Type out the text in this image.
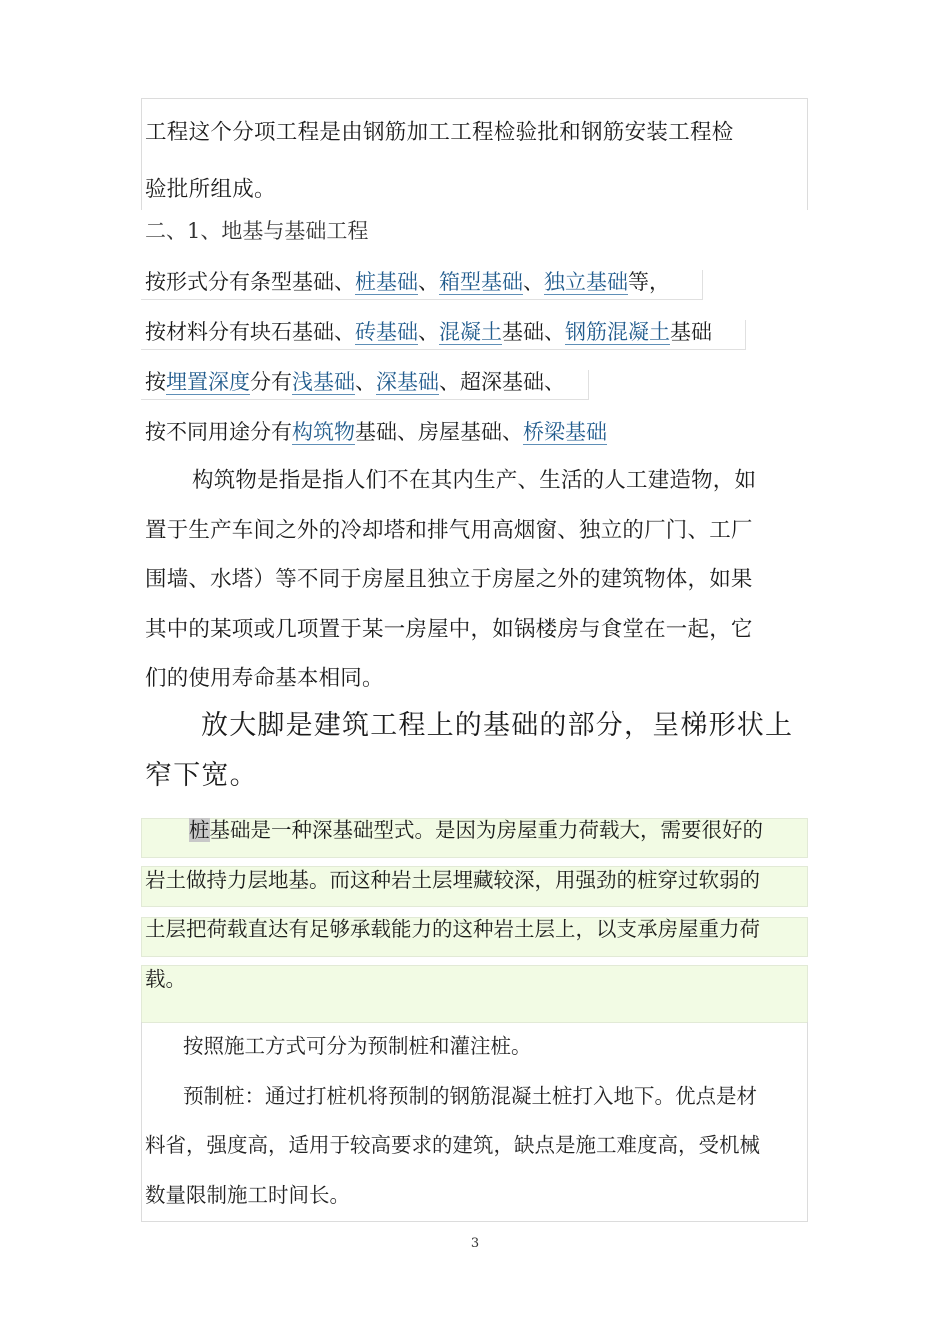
工程这个分项工程是由钢筋加工工程检验批和钢筋安装工程检
验批所组成。
二、1、地基与基础工程
按形式分有条型基础、桩基础、箱型基础、独立基础等，
按材料分有块石基础、砖基础、混凝土基础、钢筋混凝土基础
按埋置深度分有浅基础、深基础、超深基础、
按不同用途分有构筑物基础、房屋基础、桥梁基础
构筑物是指是指人们不在其内生产、生活的人工建造物，如
置于生产车间之外的冷却塔和排气用高烟窗、独立的厂门、工厂
围墙、水塔）等不同于房屋且独立于房屋之外的建筑物体，如果
其中的某项或几项置于某一房屋中，如锅楼房与食堂在一起，它
们的使用寿命基本相同。
放大脚是建筑工程上的基础的部分，呈梯形状上
窄下宽。
桩基础是一种深基础型式。是因为房屋重力荷载大，需要很好的
岩土做持力层地基。而这种岩土层埋藏较深，用强劲的桩穿过软弱的
土层把荷载直达有足够承载能力的这种岩土层上，以支承房屋重力荷
载。
按照施工方式可分为预制桩和灌注桩。
预制桩：通过打桩机将预制的钢筋混凝土桩打入地下。优点是材
料省，强度高，适用于较高要求的建筑，缺点是施工难度高，受机械
数量限制施工时间长。
3
